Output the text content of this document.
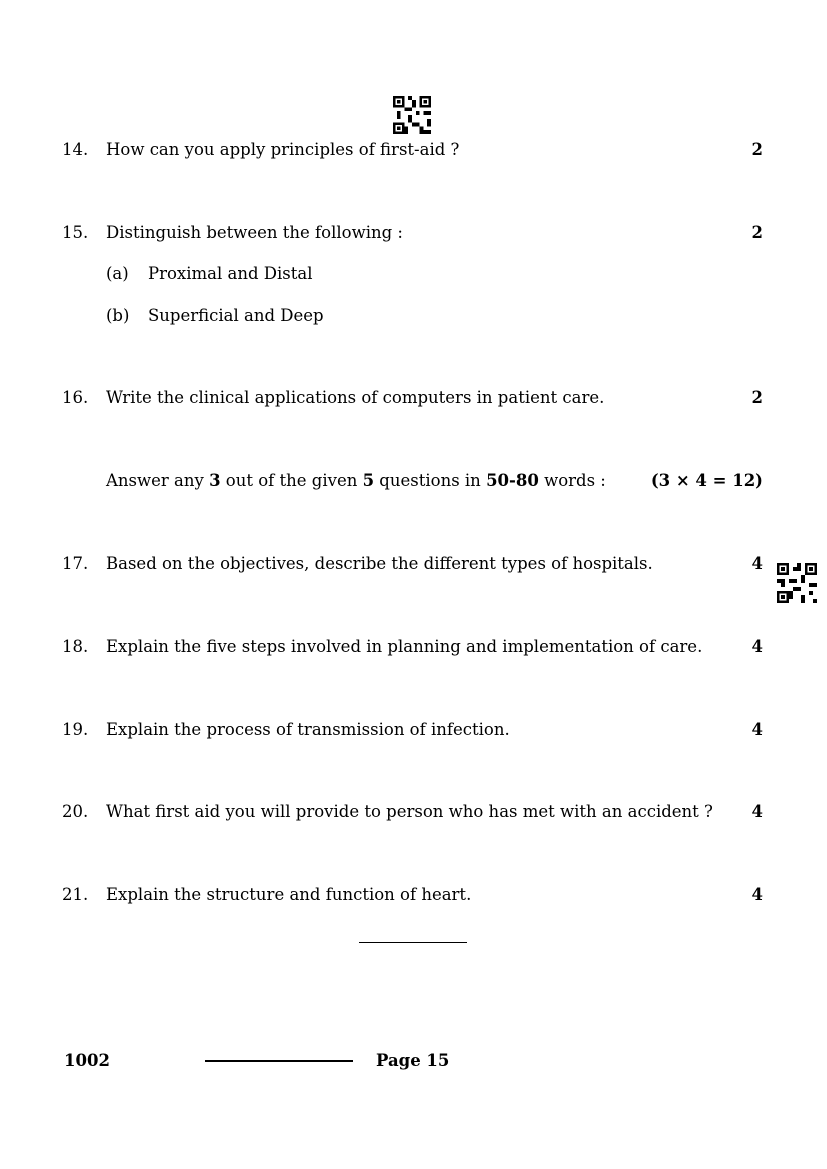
14. How can you apply principles of first-aid ?	2
15. Distinguish between the following :	2
(a) Proximal and Distal
(b) Superficial and Deep
16. Write the clinical applications of computers in patient care.	2
Answer any 3 out of the given 5 questions in 50-80 words :	(3 × 4 = 12)
17. Based on the objectives, describe the different types of hospitals.	4
18. Explain the five steps involved in planning and implementation of care.	4
19. Explain the process of transmission of infection.	4
20. What first aid you will provide to person who has met with an accident ? 4
21. Explain the structure and function of heart.	4
1002	Page 15
